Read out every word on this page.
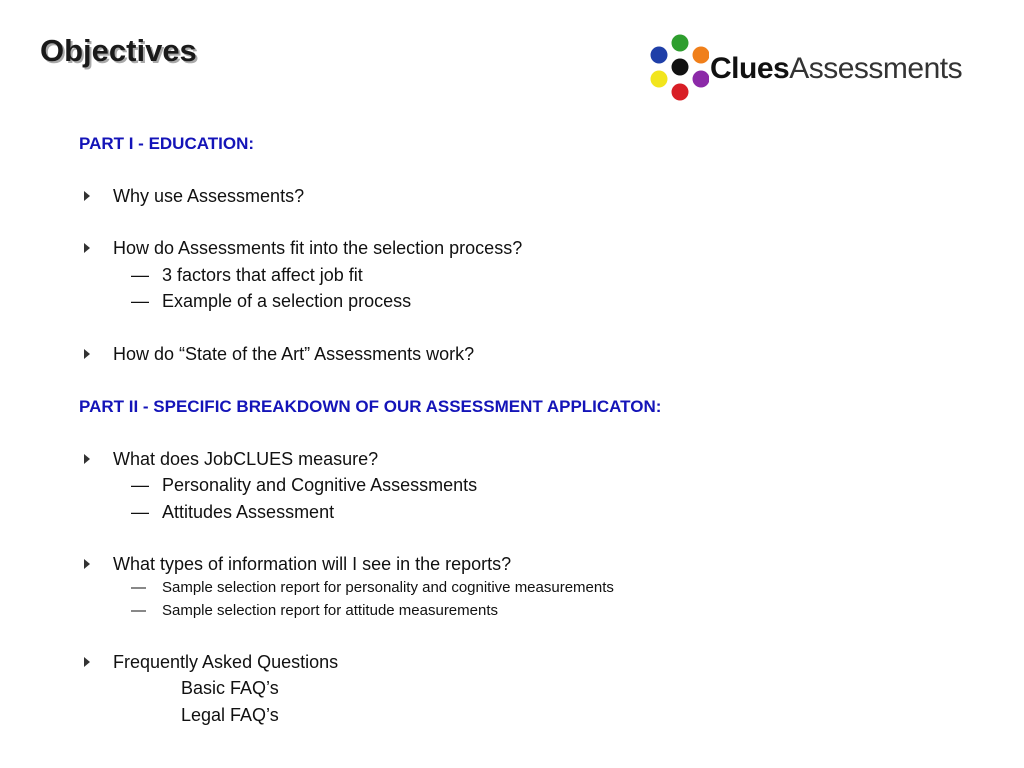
Objectives
CluesAssessments
PART I - EDUCATION:
Why use Assessments?
How do Assessments fit into the selection process?
— 3 factors that affect job fit
— Example of a selection process
How do “State of the Art” Assessments work?
PART II - SPECIFIC BREAKDOWN OF OUR ASSESSMENT APPLICATON:
What does JobCLUES measure?
— Personality and Cognitive Assessments
— Attitudes Assessment
What types of information will I see in the reports?
— Sample selection report for personality and cognitive measurements
— Sample selection report for attitude measurements
Frequently Asked Questions
Basic FAQ’s
Legal FAQ’s
